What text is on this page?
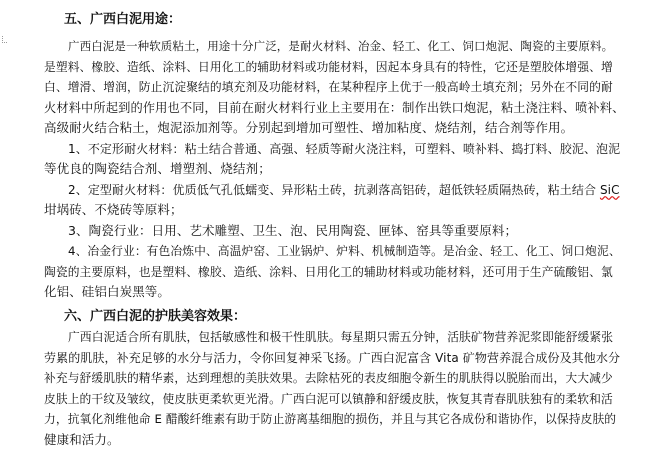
五、广西白泥用途：
广西白泥是一种软质粘土，用途十分广泛，是耐火材料、冶金、轻工、化工、饲口炮泥、陶瓷的主要原料。
是塑料、橡胶、造纸、涂料、日用化工的辅助材料或功能材料，因起本身具有的特性，它还是塑胶体增强、增
白、增滑、增润，防止沉淀聚结的填充剂及功能材料，在某种程序上优于一般高岭土填充剂；另外在不同的耐
火材料中所起到的作用也不同，目前在耐火材料行业上主要用在：制作出铁口炮泥，粘土浇注料、喷补料、
高级耐火结合粘土，炮泥添加剂等。分别起到增加可塑性、增加粘度、烧结剂，结合剂等作用。
1、不定形耐火材料：粘土结合普通、高强、轻质等耐火浇注料，可塑料、喷补料、捣打料、胶泥、泡泥
等优良的陶瓷结合剂、增塑剂、烧结剂；
2、定型耐火材料：优质低气孔低蠕变、异形粘土砖，抗剥落高铝砖，超低铁轻质隔热砖，粘土结合 SiC
坩埚砖、不烧砖等原料；
3、陶瓷行业：日用、艺术雕塑、卫生、泡、民用陶瓷、匣钵、窑具等重要原料；
4、冶金行业：有色冶炼中、高温炉窑、工业锅炉、炉料、机械制造等。是冶金、轻工、化工、饲口炮泥、
陶瓷的主要原料，也是塑料、橡胶、造纸、涂料、日用化工的辅助材料或功能材料，还可用于生产硫酸铝、氯
化铝、硅铝白炭黑等。
六、广西白泥的护肤美容效果：
广西白泥适合所有肌肤，包括敏感性和极干性肌肤。每星期只需五分钟，活肤矿物营养泥浆即能舒缓紧张
劳累的肌肤，补充足够的水分与活力，令你回复神采飞扬。广西白泥富含 Vita 矿物营养混合成份及其他水分
补充与舒缓肌肤的精华素，达到理想的美肤效果。去除枯死的表皮细胞令新生的肌肤得以脱胎而出，大大减少
皮肤上的干纹及皱纹，使皮肤更柔软更光滑。广西白泥可以镇静和舒缓皮肤，恢复其青春肌肤独有的柔软和活
力，抗氧化剂维他命 E 醋酸纤维素有助于防止游离基细胞的损伤，并且与其它各成份和谐协作，以保持皮肤的
健康和活力。
